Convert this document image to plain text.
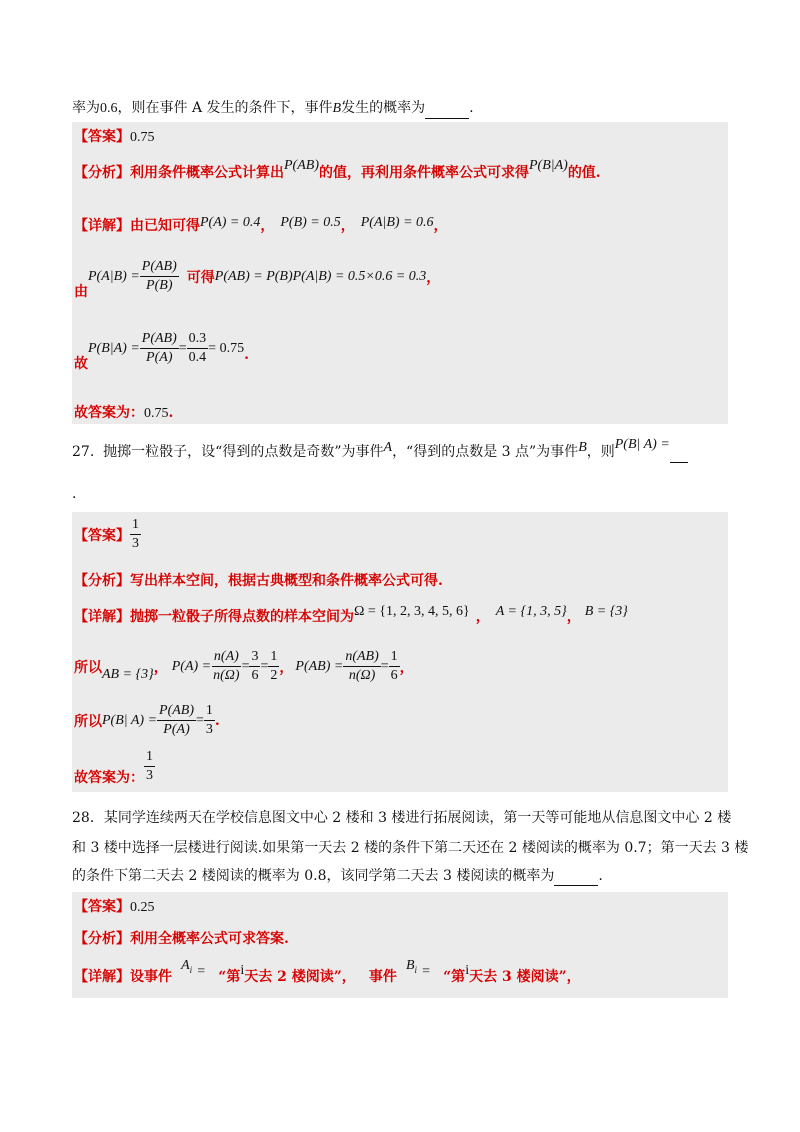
率为0.6，则在事件 A 发生的条件下，事件B发生的概率为	.
【答案】0.75
【分析】利用条件概率公式计算出P(AB)的值，再利用条件概率公式可求得P(B|A)的值.
【详解】由已知可得P(A) = 0.4， P(B) = 0.5， P(A|B) = 0.6，
由
$P(A|B) = \frac{P(AB)}{P(B)}$ 可得 P(AB) = P(B)P(A|B) = 0.5×0.6 = 0.3 ，
故
$P(B|A) = \frac{P(AB)}{P(A)} = \frac{0.3}{0.4} = 0.75$ .
故答案为：0.75.
27. 抛掷一粒骰子，设“得到的点数是奇数”为事件A，“得到的点数是 3 点”为事件B，则P(B| A) =
.
【答案】 $\frac{1}{3}$
【分析】写出样本空间，根据古典概型和条件概率公式可得.
【详解】抛掷一粒骰子所得点数的样本空间为Ω = {1, 2, 3, 4, 5, 6} ， A = {1, 3, 5}， B = {3}
所以 AB = {3} ， $P(A) = \frac{n(A)}{n(\Omega)} = \frac{3}{6} = \frac{1}{2}$ ， $P(AB) = \frac{n(AB)}{n(\Omega)} = \frac{1}{6}$ ，
所以 P(B| $A) = \frac{P(AB)}{P(A)} = \frac{1}{3}$ .
故答案为： $\frac{1}{3}$
28．某同学连续两天在学校信息图文中心 2 楼和 3 楼进行拓展阅读，第一天等可能地从信息图文中心 2 楼
和 3 楼中选择一层楼进行阅读.如果第一天去 2 楼的条件下第二天还在 2 楼阅读的概率为 0.7；第一天去 3 楼
的条件下第二天去 2 楼阅读的概率为 0.8，该同学第二天去 3 楼阅读的概率为	.
【答案】0.25
【分析】利用全概率公式可求答案.
【详解】设事件 $A_i$ = “第i天去 2 楼阅读”， 事件 $B_i$ = “第i天去 3 楼阅读”，
